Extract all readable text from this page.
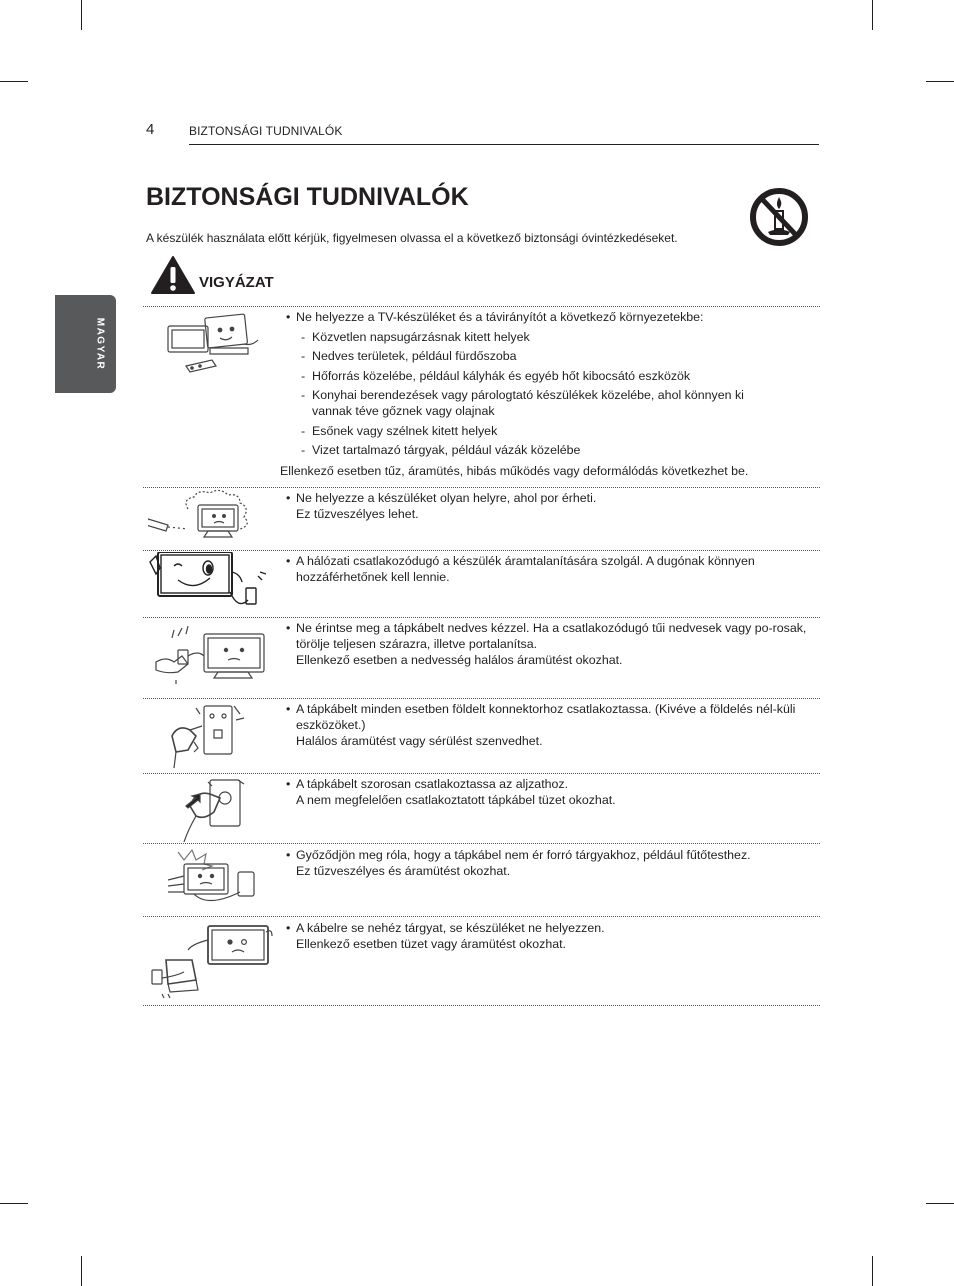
4	BIZTONSÁGI TUDNIVALÓK
MAGYAR
BIZTONSÁGI TUDNIVALÓK
A készülék használata előtt kérjük, figyelmesen olvassa el a következő biztonsági óvintézkedéseket.
VIGYÁZAT
• Ne helyezze a TV-készüléket és a távirányítót a következő környezetekbe:
- Közvetlen napsugárzásnak kitett helyek
- Nedves területek, például fürdőszoba
- Hőforrás közelébe, például kályhák és egyéb hőt kibocsátó eszközök
- Konyhai berendezések vagy párologtató készülékek közelébe, ahol könnyen ki vannak téve gőznek vagy olajnak
- Esőnek vagy szélnek kitett helyek
- Vizet tartalmazó tárgyak, például vázák közelébe
Ellenkező esetben tűz, áramütés, hibás működés vagy deformálódás következhet be.
• Ne helyezze a készüléket olyan helyre, ahol por érheti.
Ez tűzveszélyes lehet.
• A hálózati csatlakozódugó a készülék áramtalanítására szolgál. A dugónak könnyen hozzáférhetőnek kell lennie.
• Ne érintse meg a tápkábelt nedves kézzel. Ha a csatlakozódugó tűi nedvesek vagy po-rosak, törölje teljesen szárazra, illetve portalanítsa.
Ellenkező esetben a nedvesség halálos áramütést okozhat.
• A tápkábelt minden esetben földelt konnektorhoz csatlakoztassa. (Kivéve a földelés nél-küli eszközöket.)
Halálos áramütést vagy sérülést szenvedhet.
• A tápkábelt szorosan csatlakoztassa az aljzathoz.
A nem megfelelően csatlakoztatott tápkábel tüzet okozhat.
• Győződjön meg róla, hogy a tápkábel nem ér forró tárgyakhoz, például fűtőtesthez.
Ez tűzveszélyes és áramütést okozhat.
• A kábelre se nehéz tárgyat, se készüléket ne helyezzen.
Ellenkező esetben tüzet vagy áramütést okozhat.
